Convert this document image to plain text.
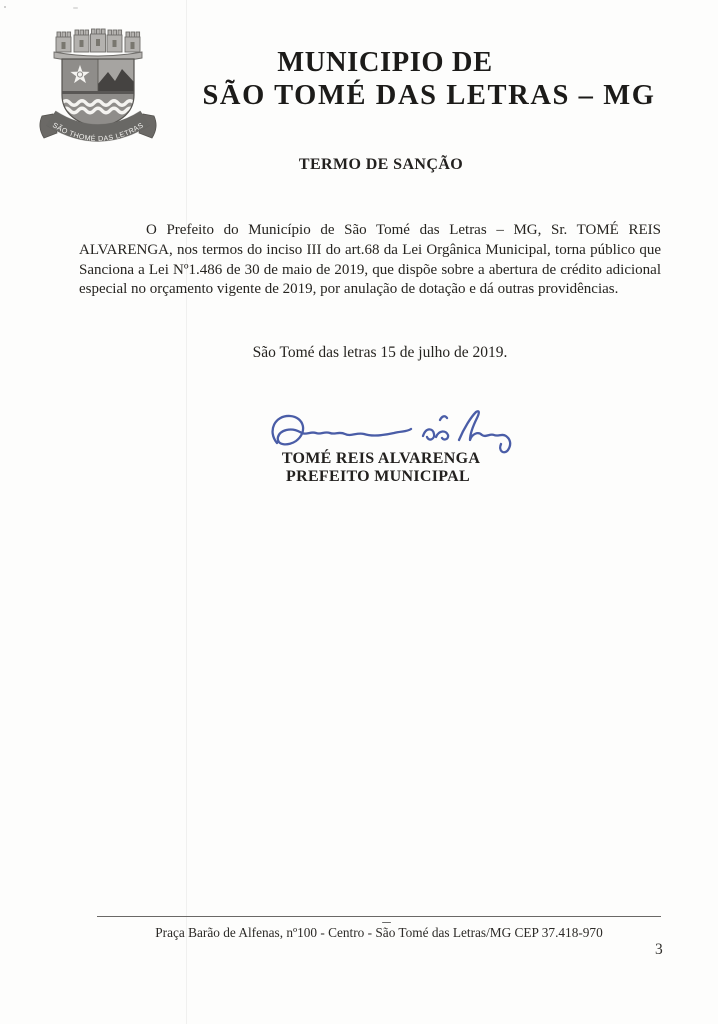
SÃO THOMÉ DAS LETRAS
MUNICIPIO DE
SÃO TOMÉ DAS LETRAS – MG
TERMO DE SANÇÃO

O Prefeito do Município de São Tomé das Letras – MG, Sr. TOMÉ REIS ALVARENGA, nos termos do inciso III do art.68 da Lei Orgânica Municipal, torna público que Sanciona a Lei Nº1.486 de 30 de maio de 2019, que dispõe sobre a abertura de crédito adicional especial no orçamento vigente de 2019, por anulação de dotação e dá outras providências.

São Tomé das letras 15 de julho de 2019.
TOMÉ REIS ALVARENGA
PREFEITO MUNICIPAL
Praça Barão de Alfenas, nº100 - Centro - São Tomé das Letras/MG CEP 37.418-970
3
